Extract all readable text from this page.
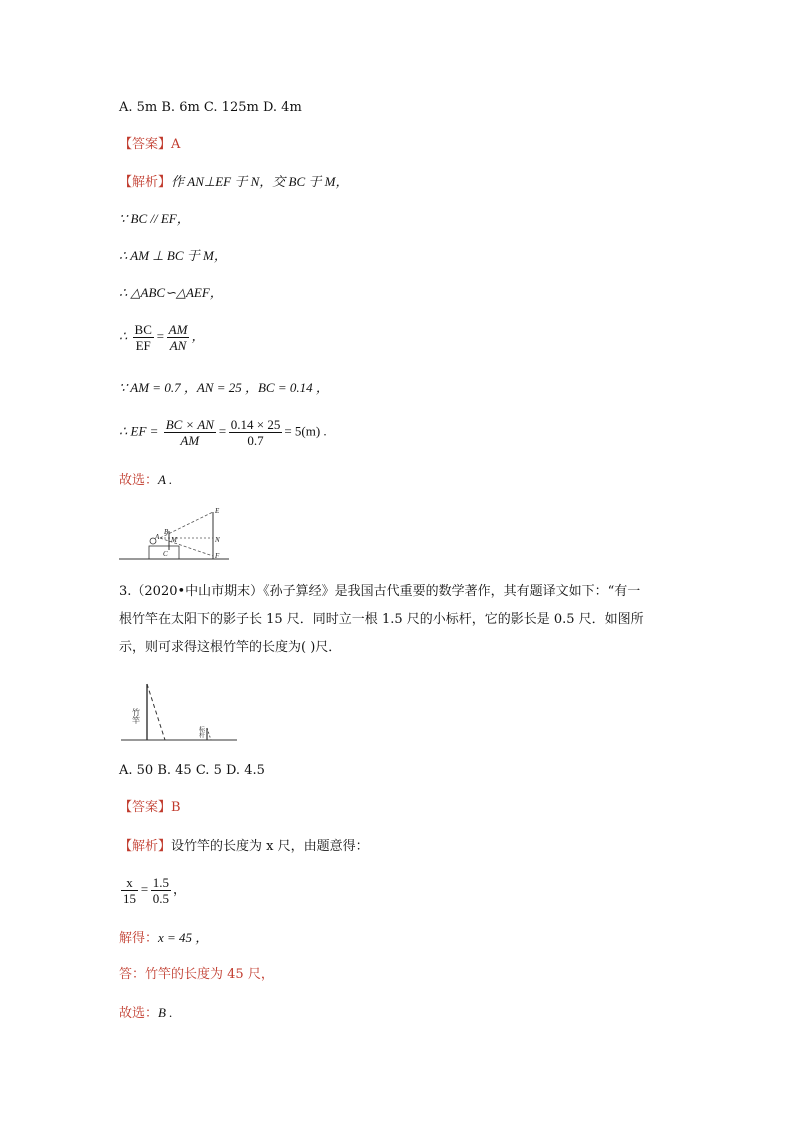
A. 5m B. 6m C. 125m D. 4m
【答案】A
【解析】作 AN⊥EF 于 N，交 BC 于 M，
∵ BC // EF，
∴ AM ⊥ BC 于 M，
∴ △ABC∽△AEF，
∴ $\frac{BC}{EF} = \frac{AM}{AN}$ ，
∵ AM = 0.7 ，AN = 25 ，BC = 0.14 ，
∴ EF = $\frac{BC \times AN}{AM} = \frac{0.14 \times 25}{0.7} = 5(m)$ .
故选：A .
E
B
A M	N
C	F
3.（2020•中山市期末）《孙子算经》是我国古代重要的数学著作，其有题译文如下：“有一
根竹竿在太阳下的影子长 15 尺．同时立一根 1.5 尺的小标杆，它的影长是 0.5 尺．如图所
示，则可求得这根竹竿的长度为( )尺．
竹竿
标杆
A. 50 B. 45 C. 5 D. 4.5
【答案】B
【解析】设竹竿的长度为 x 尺，由题意得：
$\frac{x}{15} = \frac{1.5}{0.5}$ ，
解得：x = 45 ，
答：竹竿的长度为 45 尺，
故选：B .
